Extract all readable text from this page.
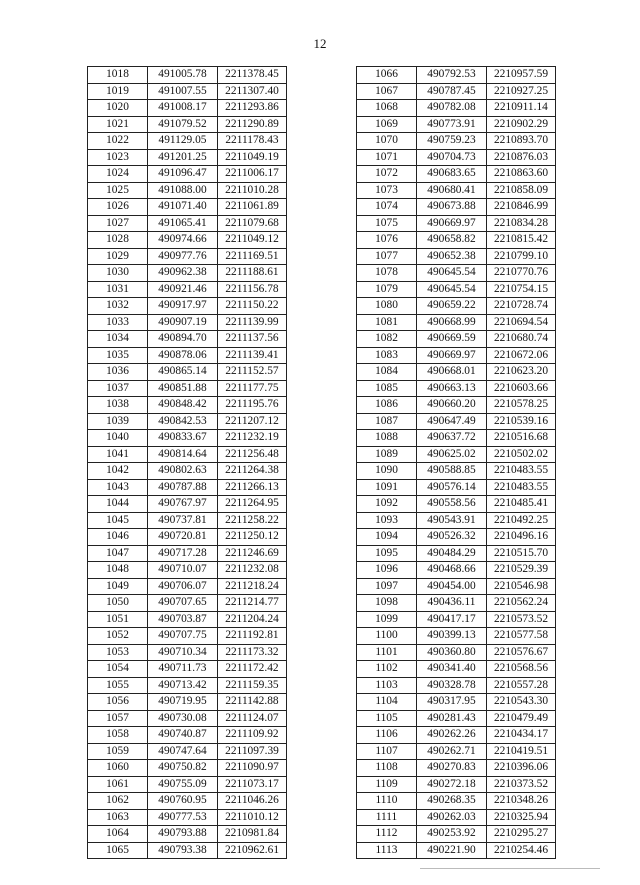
12
1018	491005.78	2211378.45
1019	491007.55	2211307.40
1020	491008.17	2211293.86
1021	491079.52	2211290.89
1022	491129.05	2211178.43
1023	491201.25	2211049.19
1024	491096.47	2211006.17
1025	491088.00	2211010.28
1026	491071.40	2211061.89
1027	491065.41	2211079.68
1028	490974.66	2211049.12
1029	490977.76	2211169.51
1030	490962.38	2211188.61
1031	490921.46	2211156.78
1032	490917.97	2211150.22
1033	490907.19	2211139.99
1034	490894.70	2211137.56
1035	490878.06	2211139.41
1036	490865.14	2211152.57
1037	490851.88	2211177.75
1038	490848.42	2211195.76
1039	490842.53	2211207.12
1040	490833.67	2211232.19
1041	490814.64	2211256.48
1042	490802.63	2211264.38
1043	490787.88	2211266.13
1044	490767.97	2211264.95
1045	490737.81	2211258.22
1046	490720.81	2211250.12
1047	490717.28	2211246.69
1048	490710.07	2211232.08
1049	490706.07	2211218.24
1050	490707.65	2211214.77
1051	490703.87	2211204.24
1052	490707.75	2211192.81
1053	490710.34	2211173.32
1054	490711.73	2211172.42
1055	490713.42	2211159.35
1056	490719.95	2211142.88
1057	490730.08	2211124.07
1058	490740.87	2211109.92
1059	490747.64	2211097.39
1060	490750.82	2211090.97
1061	490755.09	2211073.17
1062	490760.95	2211046.26
1063	490777.53	2211010.12
1064	490793.88	2210981.84
1065	490793.38	2210962.61
1066	490792.53	2210957.59
1067	490787.45	2210927.25
1068	490782.08	2210911.14
1069	490773.91	2210902.29
1070	490759.23	2210893.70
1071	490704.73	2210876.03
1072	490683.65	2210863.60
1073	490680.41	2210858.09
1074	490673.88	2210846.99
1075	490669.97	2210834.28
1076	490658.82	2210815.42
1077	490652.38	2210799.10
1078	490645.54	2210770.76
1079	490645.54	2210754.15
1080	490659.22	2210728.74
1081	490668.99	2210694.54
1082	490669.59	2210680.74
1083	490669.97	2210672.06
1084	490668.01	2210623.20
1085	490663.13	2210603.66
1086	490660.20	2210578.25
1087	490647.49	2210539.16
1088	490637.72	2210516.68
1089	490625.02	2210502.02
1090	490588.85	2210483.55
1091	490576.14	2210483.55
1092	490558.56	2210485.41
1093	490543.91	2210492.25
1094	490526.32	2210496.16
1095	490484.29	2210515.70
1096	490468.66	2210529.39
1097	490454.00	2210546.98
1098	490436.11	2210562.24
1099	490417.17	2210573.52
1100	490399.13	2210577.58
1101	490360.80	2210576.67
1102	490341.40	2210568.56
1103	490328.78	2210557.28
1104	490317.95	2210543.30
1105	490281.43	2210479.49
1106	490262.26	2210434.17
1107	490262.71	2210419.51
1108	490270.83	2210396.06
1109	490272.18	2210373.52
1110	490268.35	2210348.26
1111	490262.03	2210325.94
1112	490253.92	2210295.27
1113	490221.90	2210254.46
